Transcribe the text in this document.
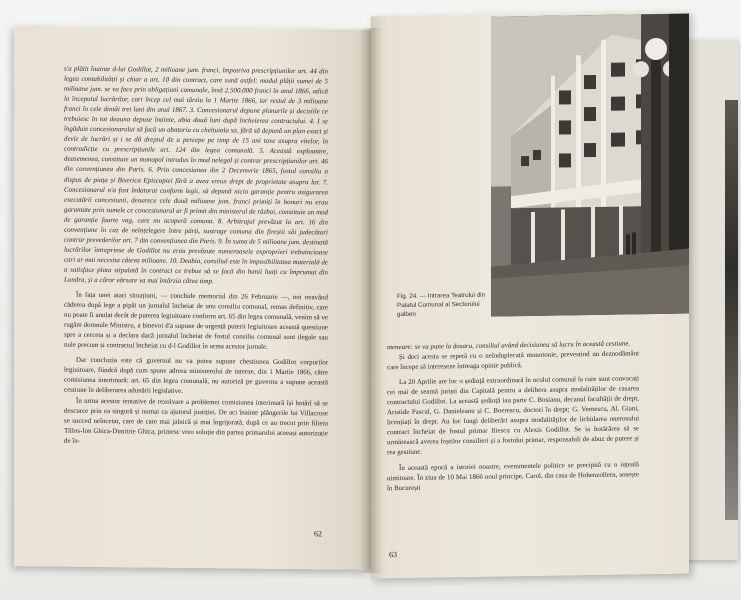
s'a plătit înainte d-lui Godillot, 2 milioane jum. franci, împotriva prescripțiunilor art. 44 din legea contabilității și chiar a art. 10 din contract, care sună astfel: modul plății sumei de 5 milioane jum. se va face prin obligațiuni comunale, însă 2.500.000 franci în anul 1866, adică la începutul lucrărilor, cari încep cel mai târziu la 1 Martie 1866, iar restul de 3 milioane franci în cele dintâi trei luni din anul 1867. 3. Concesionarul depune planurile și deciziile ce trebuiesc în tot deauna depuse înainte, abia două luni după încheierea contractului. 4. I se îngăduie concesionarului să facă un abatoriu cu cheltuiala sa, fără să depună un plan exact și deviz de lucrări și i se dă dreptul de a percepe pe timp de 15 ani taxe asupra vitelor, în contradicție cu prescripțiunile art. 124 din legea comunală. 5. Această exploatare, deasemenea, constituie un monopol introdus în mod nelegal și contrar prescripțiunilor art. 46 din convențiunea din Paris. 6. Prin concesiunea din 2 Decemvrie 1865, fostul consiliu a dispus de piața și Biserica Episcopiei fără a avea vreun drept de proprietate asupra lor. 7. Concesionarul n'a fost îndatorat conform legii, să depună nicio garanție pentru asigurarea executării concesiunii, deoarece cele două milioane jum. franci primiți în bonuri nu erau garantate prin sumele ce concesionarul ar fi primit din ministerul de război, constituie un mod de garanție foarte vag, care nu acoperă comuna. 8. Arbitrajul prevăzut la art. 16 din convențiune în caz de neînțelegere între părți, sustrage comuna din fireștii săi judecători contrar prevederilor art. 7 din convențiunea din Paris. 9. În suma de 5 milioane jum. destinată lucrărilor întreprinse de Godillot nu erau prevăzute numeroasele exproprieri trebuincioase cari ar mai necesita câteva milioane. 10. Deabia, consiliul este în imposibilitatea materială de a satisface plata stipulată în contract ce trebue să se facă din banii luați cu împrumut din Londra, și a căror vărsare va mai întârzia câtva timp.

În fața unei atari situațiuni, — conchide memoriul din 26 Februarie —, noi neavând căderea după lege a pipăi un jurnalul încheiat de unu consiliu comunal, remas definitiv, care nu poate fi anulat decât de puterea legiuitoare conform art. 65 din legea comunală, venim să ve rugăm domnule Ministru, a binevoi d'a supune de urgență puterii legiuitoare această questiune spre a cerceta și a declara dacă jurnalul încheiat de fostul consiliu comunal sunt ilegale sau nule precum și contractul încheiat cu d-l Godillot în urma acestor jurnale.

Dar concluzia este că guvernul nu va putea supune chestiunea Godillot corpurilor legiuitoare, fiindcă după cum spune adresa ministerului de interne, din 1 Martie 1866, către comisiunea interimară: art. 65 din legea comunală, nu autoriză pe guvernu a supune această cestiune în deliberarea adunării legislative.

În urma acestor tentative de rezolvare a problemei comisiunea interimară își hotărî să se descurce prin ea singură și numai cu ajutorul justiției. De aci înainte plângerile lui Villacrose se succed neîncetat, care de care mai jalnică și mai îngrijorată, după ce au trecut prin filiera Tillos-Ion Ghica-Dimitrie Ghica, primesc vreo soluție din partea primarului aceeași autorizație de în-

62
Fig. 24. — Intrarea Teatrului din Palatul Comunal al Sectorului galben

meneare: se va pune la dosaru, consiliul având decisiunea să lucru în această cestiune.

Și deci acesta se repetă cu o neînduplecată monotonie, prevestind un deznodământ care începe să intereseze întreaga opinie publică.

La 20 Aprilie are loc o ședință extraordinară în ocolul comunal la care sunt convocați cei mai de seamă juriști din Capitală pentru a delibera asupra modalităților de casarea contractului Godillot. La această ședință iau parte C. Bosianu, decanul facultății de drept, Aristide Pascal, G. Danieleanu și C. Boerescu, doctori în drept; G. Vernescu, Al. Giani, licențiați în drept. Au loc lungi deliberări asupra modalităților de lichidarea onerosului contract încheiat de fostul primar Iliescu cu Alexis Godillot. Se ia hotărârea să se urmărească averea foștilor consilieri și a fostului primar, responsabili de abuz de putere și rea gestiune.

În această epocă a istoriei noastre, evenimentele politice se precipită cu o iuțeală uimitoare. În ziua de 10 Mai 1866 noul principe, Carol, din casa de Hohenzollern, sosește în București

63
